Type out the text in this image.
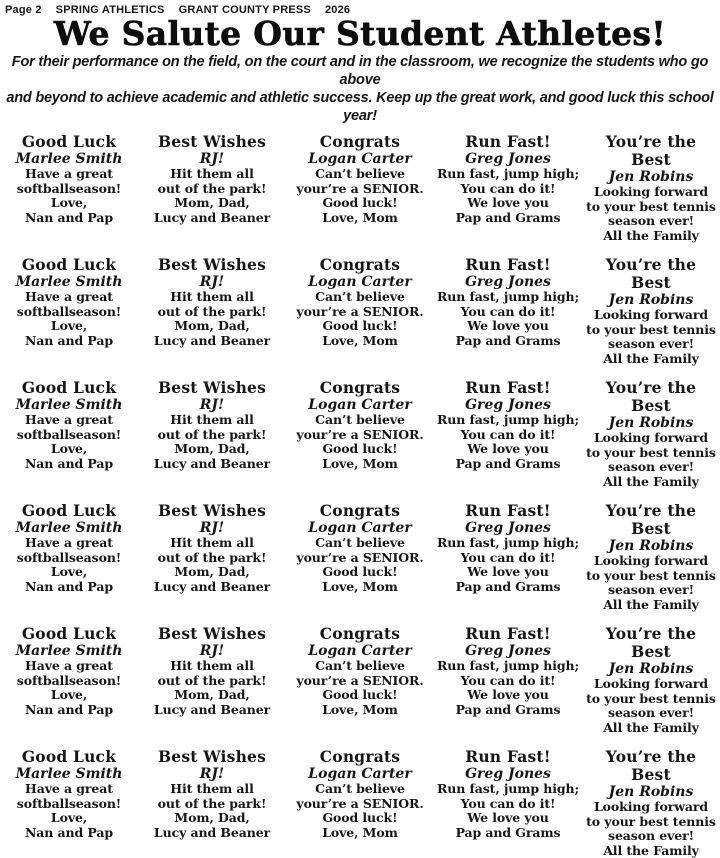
Page 2 SPRING ATHLETICS GRANT COUNTY PRESS 2026
We Salute Our Student Athletes!
For their performance on the field, on the court and in the classroom, we recognize the students who go above
and beyond to achieve academic and athletic success. Keep up the great work, and good luck this school year!
Good Luck
Marlee Smith
Have a great
softballseason!
Love,
Nan and Pap
Best Wishes
RJ!
Hit them all
out of the park!
Mom, Dad,
Lucy and Beaner
Congrats
Logan Carter
Can’t believe
your’re a SENIOR.
Good luck!
Love, Mom
Run Fast!
Greg Jones
Run fast, jump high;
You can do it!
We love you
Pap and Grams
You’re the Best
Jen Robins
Looking forward
to your best tennis
season ever!
All the Family
Good Luck
Marlee Smith
Have a great
softballseason!
Love,
Nan and Pap
Best Wishes
RJ!
Hit them all
out of the park!
Mom, Dad,
Lucy and Beaner
Congrats
Logan Carter
Can’t believe
your’re a SENIOR.
Good luck!
Love, Mom
Run Fast!
Greg Jones
Run fast, jump high;
You can do it!
We love you
Pap and Grams
You’re the Best
Jen Robins
Looking forward
to your best tennis
season ever!
All the Family
Good Luck
Marlee Smith
Have a great
softballseason!
Love,
Nan and Pap
Best Wishes
RJ!
Hit them all
out of the park!
Mom, Dad,
Lucy and Beaner
Congrats
Logan Carter
Can’t believe
your’re a SENIOR.
Good luck!
Love, Mom
Run Fast!
Greg Jones
Run fast, jump high;
You can do it!
We love you
Pap and Grams
You’re the Best
Jen Robins
Looking forward
to your best tennis
season ever!
All the Family
Good Luck
Marlee Smith
Have a great
softballseason!
Love,
Nan and Pap
Best Wishes
RJ!
Hit them all
out of the park!
Mom, Dad,
Lucy and Beaner
Congrats
Logan Carter
Can’t believe
your’re a SENIOR.
Good luck!
Love, Mom
Run Fast!
Greg Jones
Run fast, jump high;
You can do it!
We love you
Pap and Grams
You’re the Best
Jen Robins
Looking forward
to your best tennis
season ever!
All the Family
Good Luck
Marlee Smith
Have a great
softballseason!
Love,
Nan and Pap
Best Wishes
RJ!
Hit them all
out of the park!
Mom, Dad,
Lucy and Beaner
Congrats
Logan Carter
Can’t believe
your’re a SENIOR.
Good luck!
Love, Mom
Run Fast!
Greg Jones
Run fast, jump high;
You can do it!
We love you
Pap and Grams
You’re the Best
Jen Robins
Looking forward
to your best tennis
season ever!
All the Family
Good Luck
Marlee Smith
Have a great
softballseason!
Love,
Nan and Pap
Best Wishes
RJ!
Hit them all
out of the park!
Mom, Dad,
Lucy and Beaner
Congrats
Logan Carter
Can’t believe
your’re a SENIOR.
Good luck!
Love, Mom
Run Fast!
Greg Jones
Run fast, jump high;
You can do it!
We love you
Pap and Grams
You’re the Best
Jen Robins
Looking forward
to your best tennis
season ever!
All the Family
